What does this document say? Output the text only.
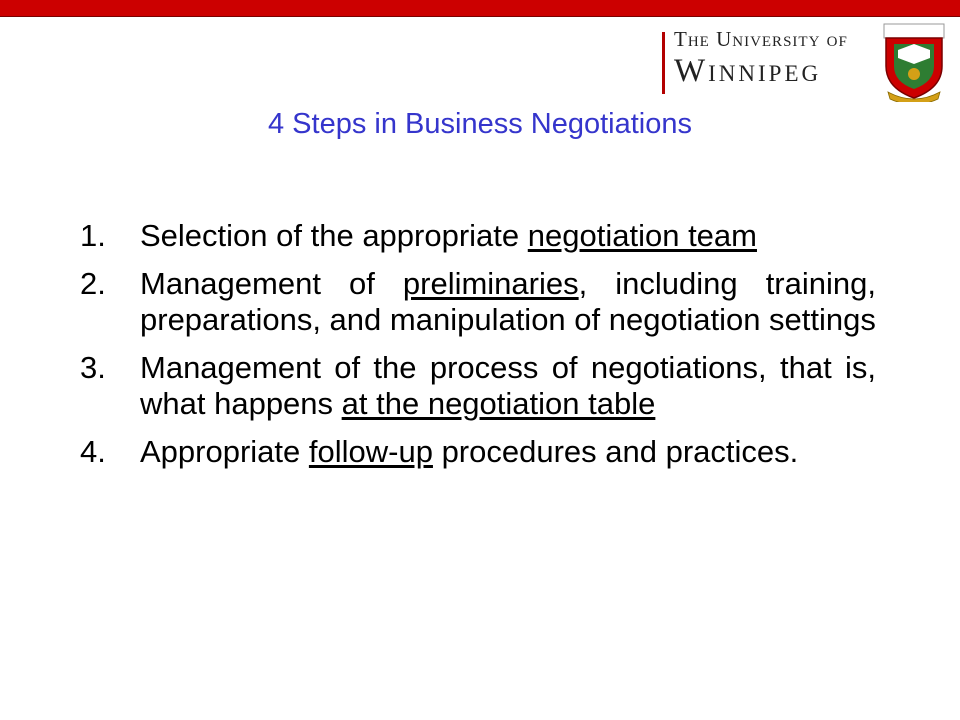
The University of
Winnipeg
4 Steps in Business Negotiations
1. Selection of the appropriate negotiation team
2. Management of preliminaries, including training, preparations, and manipulation of negotiation settings
3. Management of the process of negotiations, that is, what happens at the negotiation table
4. Appropriate follow-up procedures and practices.
